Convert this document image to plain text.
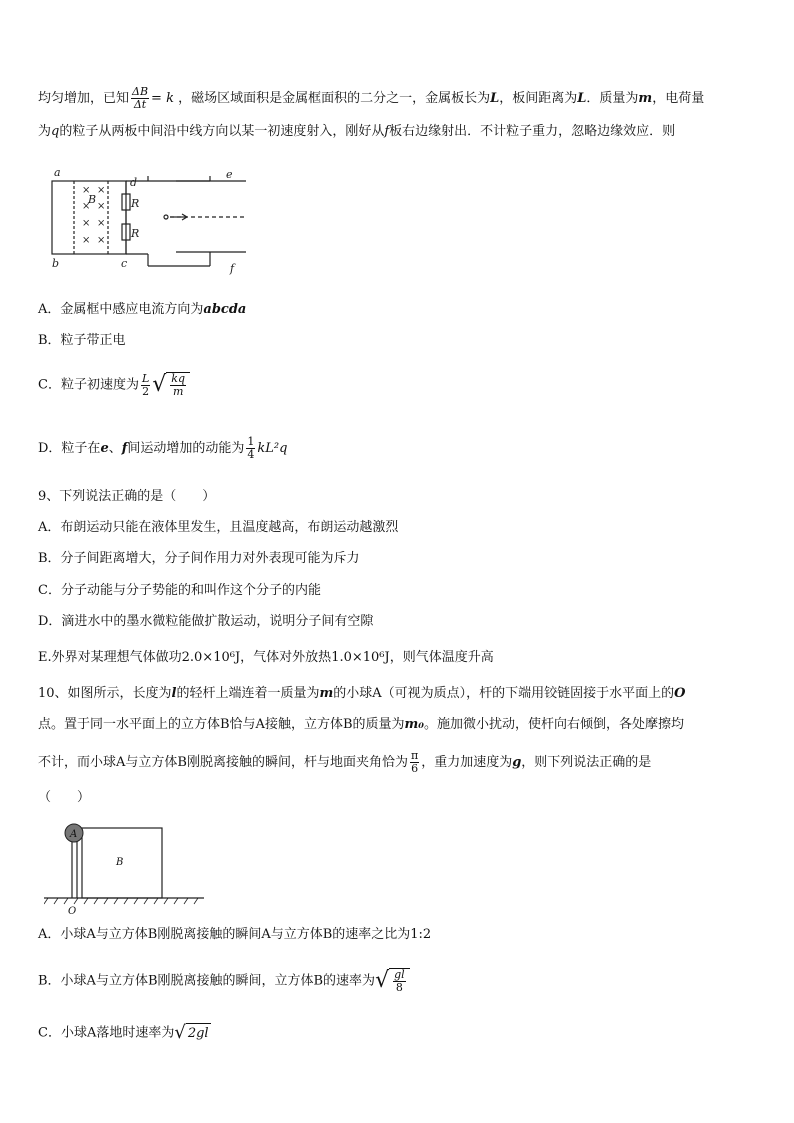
均匀增加，已知 $\frac{\Delta B}{\Delta t} = k$ ，磁场区域面积是金属框面积的二分之一，金属板长为L，板间距离为L．质量为m，电荷量
为q的粒子从两板中间沿中线方向以某一初速度射入，刚好从f板右边缘射出．不计粒子重力，忽略边缘效应．则
a
b	c
d
e
f
B	R
R
× ×
× ×
× ×
× ×
A．金属框中感应电流方向为abcda
B．粒子带正电
C．粒子初速度为 $\frac{L}{2}$ √ $\frac{kq}{m}$
D．粒子在e、f间运动增加的动能为 $\frac{1}{4} kL^2q$
9、下列说法正确的是（　　）
A．布朗运动只能在液体里发生，且温度越高，布朗运动越激烈
B．分子间距离增大，分子间作用力对外表现可能为斥力
C．分子动能与分子势能的和叫作这个分子的内能
D．滴进水中的墨水微粒能做扩散运动，说明分子间有空隙
E.外界对某理想气体做功2.0×10⁶J，气体对外放热1.0×10⁶J，则气体温度升高
10、如图所示，长度为l的轻杆上端连着一质量为m的小球A（可视为质点），杆的下端用铰链固接于水平面上的O
点。置于同一水平面上的立方体B恰与A接触，立方体B的质量为m₀。施加微小扰动，使杆向右倾倒，各处摩擦均
不计，而小球A与立方体B刚脱离接触的瞬间，杆与地面夹角恰为 $\frac{\pi}{6}$ ，重力加速度为g，则下列说法正确的是
（　　）
A
B
O
A．小球A与立方体B刚脱离接触的瞬间A与立方体B的速率之比为1:2
B．小球A与立方体B刚脱离接触的瞬间，立方体B的速率为 √ $\frac{gl}{8}$
C．小球A落地时速率为 √ 2gl
